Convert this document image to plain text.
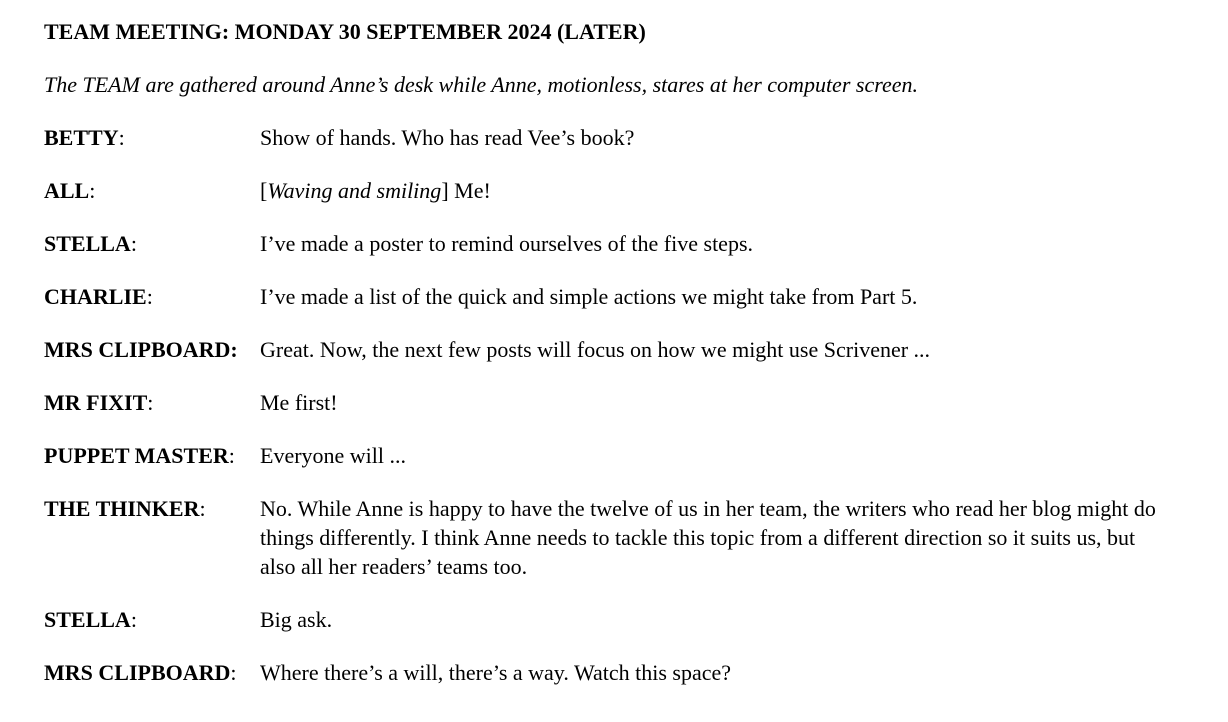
TEAM MEETING: MONDAY 30 SEPTEMBER 2024 (LATER)
The TEAM are gathered around Anne’s desk while Anne, motionless, stares at her computer screen.
BETTY:	Show of hands. Who has read Vee’s book?
ALL:	[Waving and smiling] Me!
STELLA:	I’ve made a poster to remind ourselves of the five steps.
CHARLIE:	I’ve made a list of the quick and simple actions we might take from Part 5.
MRS CLIPBOARD:	Great. Now, the next few posts will focus on how we might use Scrivener ...
MR FIXIT:	Me first!
PUPPET MASTER:	Everyone will ...
THE THINKER:	No. While Anne is happy to have the twelve of us in her team, the writers who read her blog might do things differently. I think Anne needs to tackle this topic from a different direction so it suits us, but also all her readers’ teams too.
STELLA:	Big ask.
MRS CLIPBOARD:	Where there’s a will, there’s a way. Watch this space?
